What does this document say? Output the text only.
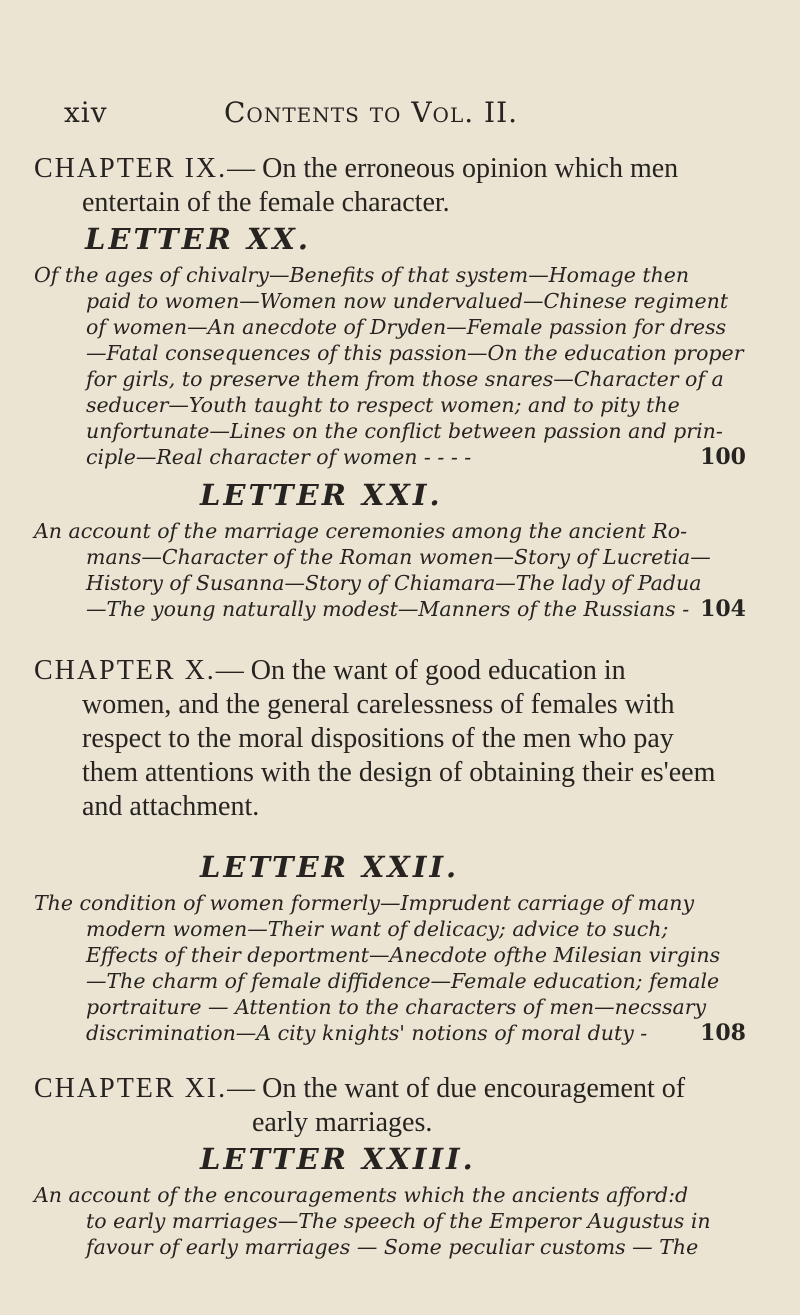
xiv	Contents to Vol. II.
CHAPTER IX.— On the erroneous opinion which men
entertain of the female character.
LETTER XX.
Of the ages of chivalry—Benefits of that system—Homage then
paid to women—Women now undervalued—Chinese regiment
of women—An anecdote of Dryden—Female passion for dress
—Fatal consequences of this passion—On the education proper
for girls, to preserve them from those snares—Character of a
seducer—Youth taught to respect women; and to pity the
unfortunate—Lines on the conflict between passion and prin-
ciple—Real character of women - - - -	100
LETTER XXI.
An account of the marriage ceremonies among the ancient Ro-
mans—Character of the Roman women—Story of Lucretia—
History of Susanna—Story of Chiamara—The lady of Padua
—The young naturally modest—Manners of the Russians - 104
CHAPTER X.— On the want of good education in
women, and the general carelessness of females with
respect to the moral dispositions of the men who pay
them attentions with the design of obtaining their es'eem
and attachment.
LETTER XXII.
The condition of women formerly—Imprudent carriage of many
modern women—Their want of delicacy; advice to such;
Effects of their deportment—Anecdote ofthe Milesian virgins
—The charm of female diffidence—Female education; female
portraiture — Attention to the characters of men—necssary
discrimination—A city knights' notions of moral duty - 108
CHAPTER XI.— On the want of due encouragement of
early marriages.
LETTER XXIII.
An account of the encouragements which the ancients afford:d
to early marriages—The speech of the Emperor Augustus in
favour of early marriages — Some peculiar customs — The
